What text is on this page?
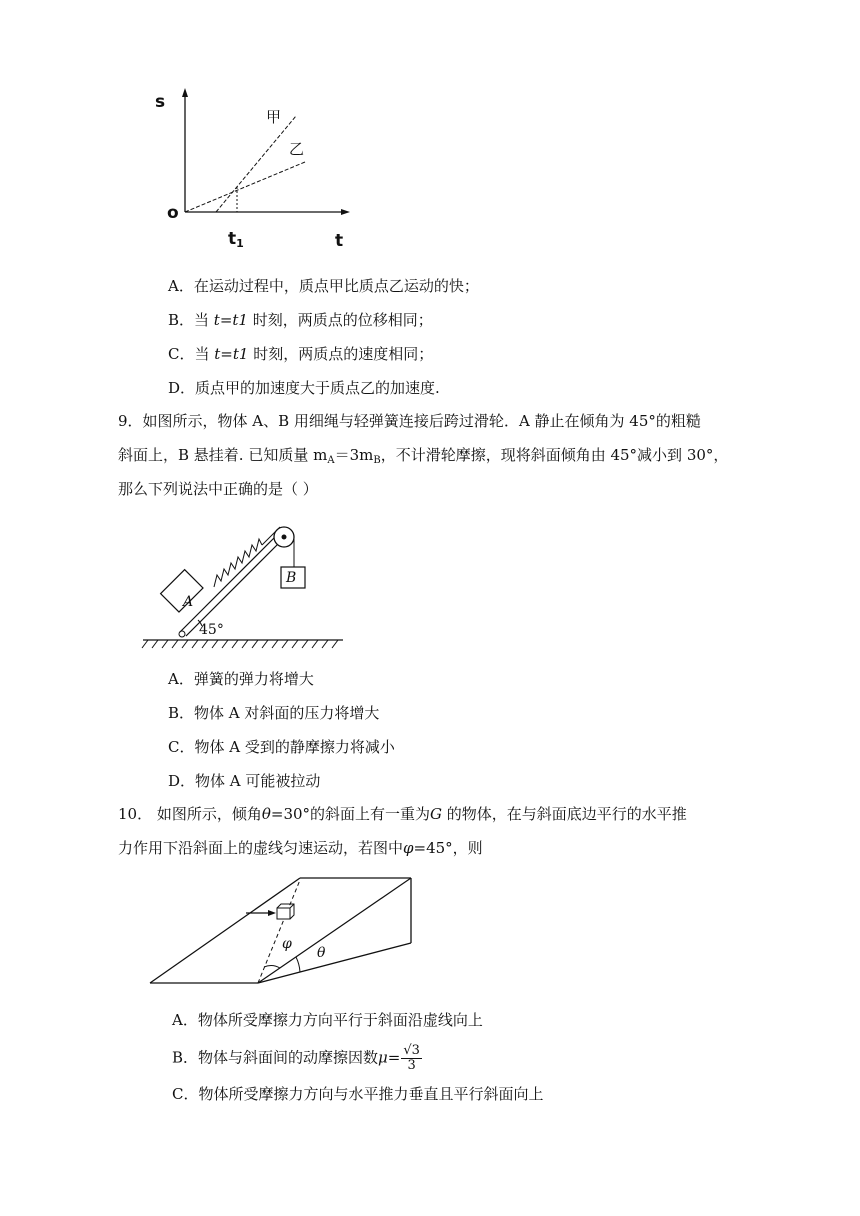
s
o
t
$t_1$
甲
乙
A．在运动过程中，质点甲比质点乙运动的快；
B．当 t=t1 时刻，两质点的位移相同；
C．当 t=t1 时刻，两质点的速度相同；
D．质点甲的加速度大于质点乙的加速度.
9．如图所示，物体 A、B 用细绳与轻弹簧连接后跨过滑轮．A 静止在倾角为 45°的粗糙
斜面上，B 悬挂着. 已知质量 $m_A=3m_B$，不计滑轮摩擦，现将斜面倾角由 45°减小到 30°，
那么下列说法中正确的是（ ）
A
B
45°
A．弹簧的弹力将增大
B．物体 A 对斜面的压力将增大
C．物体 A 受到的静摩擦力将减小
D．物体 A 可能被拉动
10． 如图所示，倾角θ=30°的斜面上有一重为G 的物体，在与斜面底边平行的水平推
力作用下沿斜面上的虚线匀速运动，若图中φ=45°，则
φ
θ
A．物体所受摩擦力方向平行于斜面沿虚线向上
B．物体与斜面间的动摩擦因数$\mu= \frac{√3}{3}$
C．物体所受摩擦力方向与水平推力垂直且平行斜面向上
